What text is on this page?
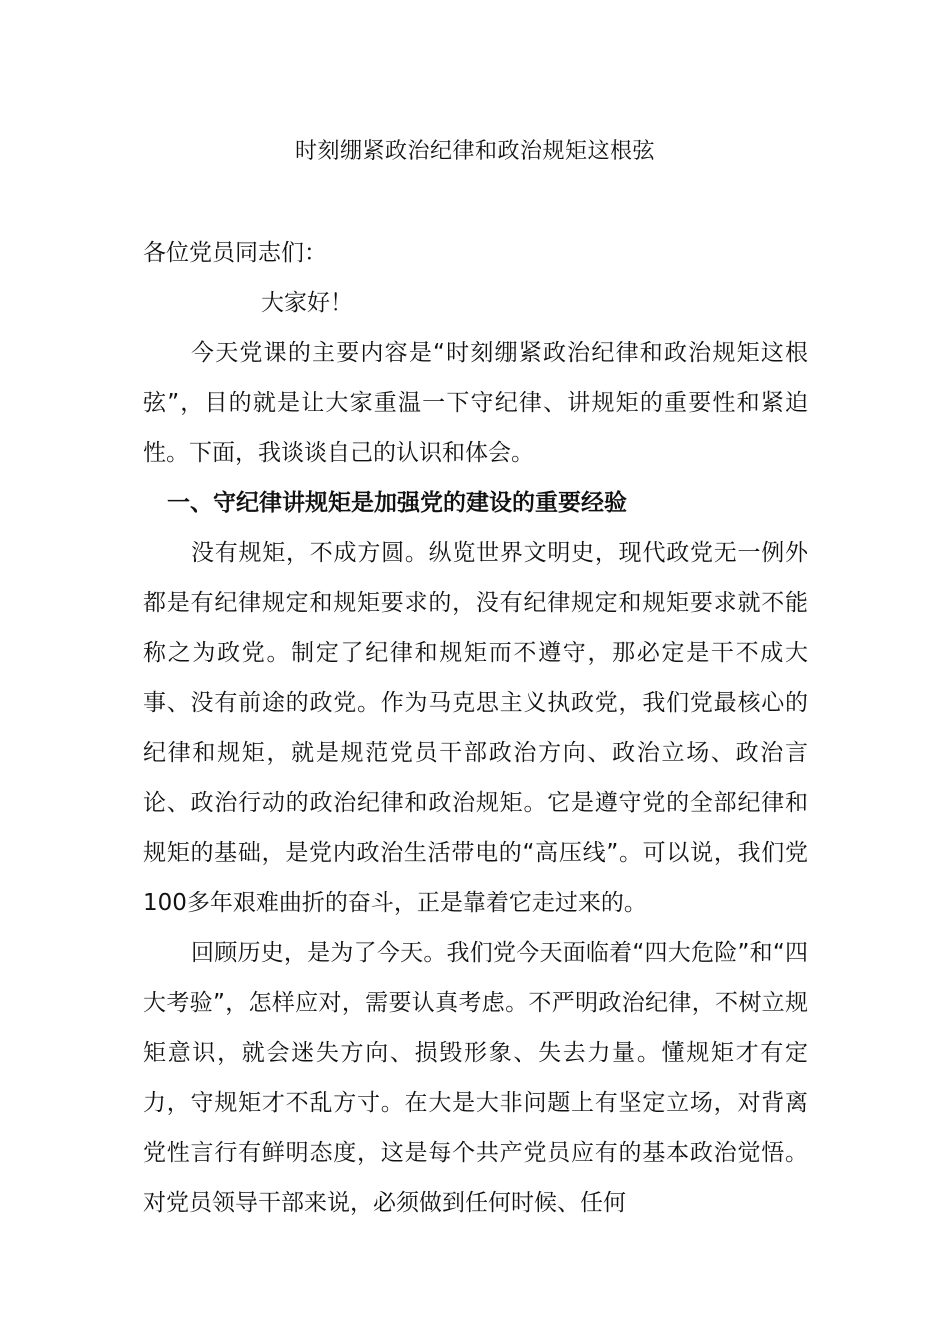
时刻绷紧政治纪律和政治规矩这根弦

各位党员同志们：

大家好！

今天党课的主要内容是“时刻绷紧政治纪律和政治规矩这根弦”，目的就是让大家重温一下守纪律、讲规矩的重要性和紧迫性。下面，我谈谈自己的认识和体会。

一、守纪律讲规矩是加强党的建设的重要经验

没有规矩，不成方圆。纵览世界文明史，现代政党无一例外都是有纪律规定和规矩要求的，没有纪律规定和规矩要求就不能称之为政党。制定了纪律和规矩而不遵守，那必定是干不成大事、没有前途的政党。作为马克思主义执政党，我们党最核心的纪律和规矩，就是规范党员干部政治方向、政治立场、政治言论、政治行动的政治纪律和政治规矩。它是遵守党的全部纪律和规矩的基础，是党内政治生活带电的“高压线”。可以说，我们党100多年艰难曲折的奋斗，正是靠着它走过来的。

回顾历史，是为了今天。我们党今天面临着“四大危险”和“四大考验”，怎样应对，需要认真考虑。不严明政治纪律，不树立规矩意识，就会迷失方向、损毁形象、失去力量。懂规矩才有定力，守规矩才不乱方寸。在大是大非问题上有坚定立场，对背离党性言行有鲜明态度，这是每个共产党员应有的基本政治觉悟。对党员领导干部来说，必须做到任何时候、任何
